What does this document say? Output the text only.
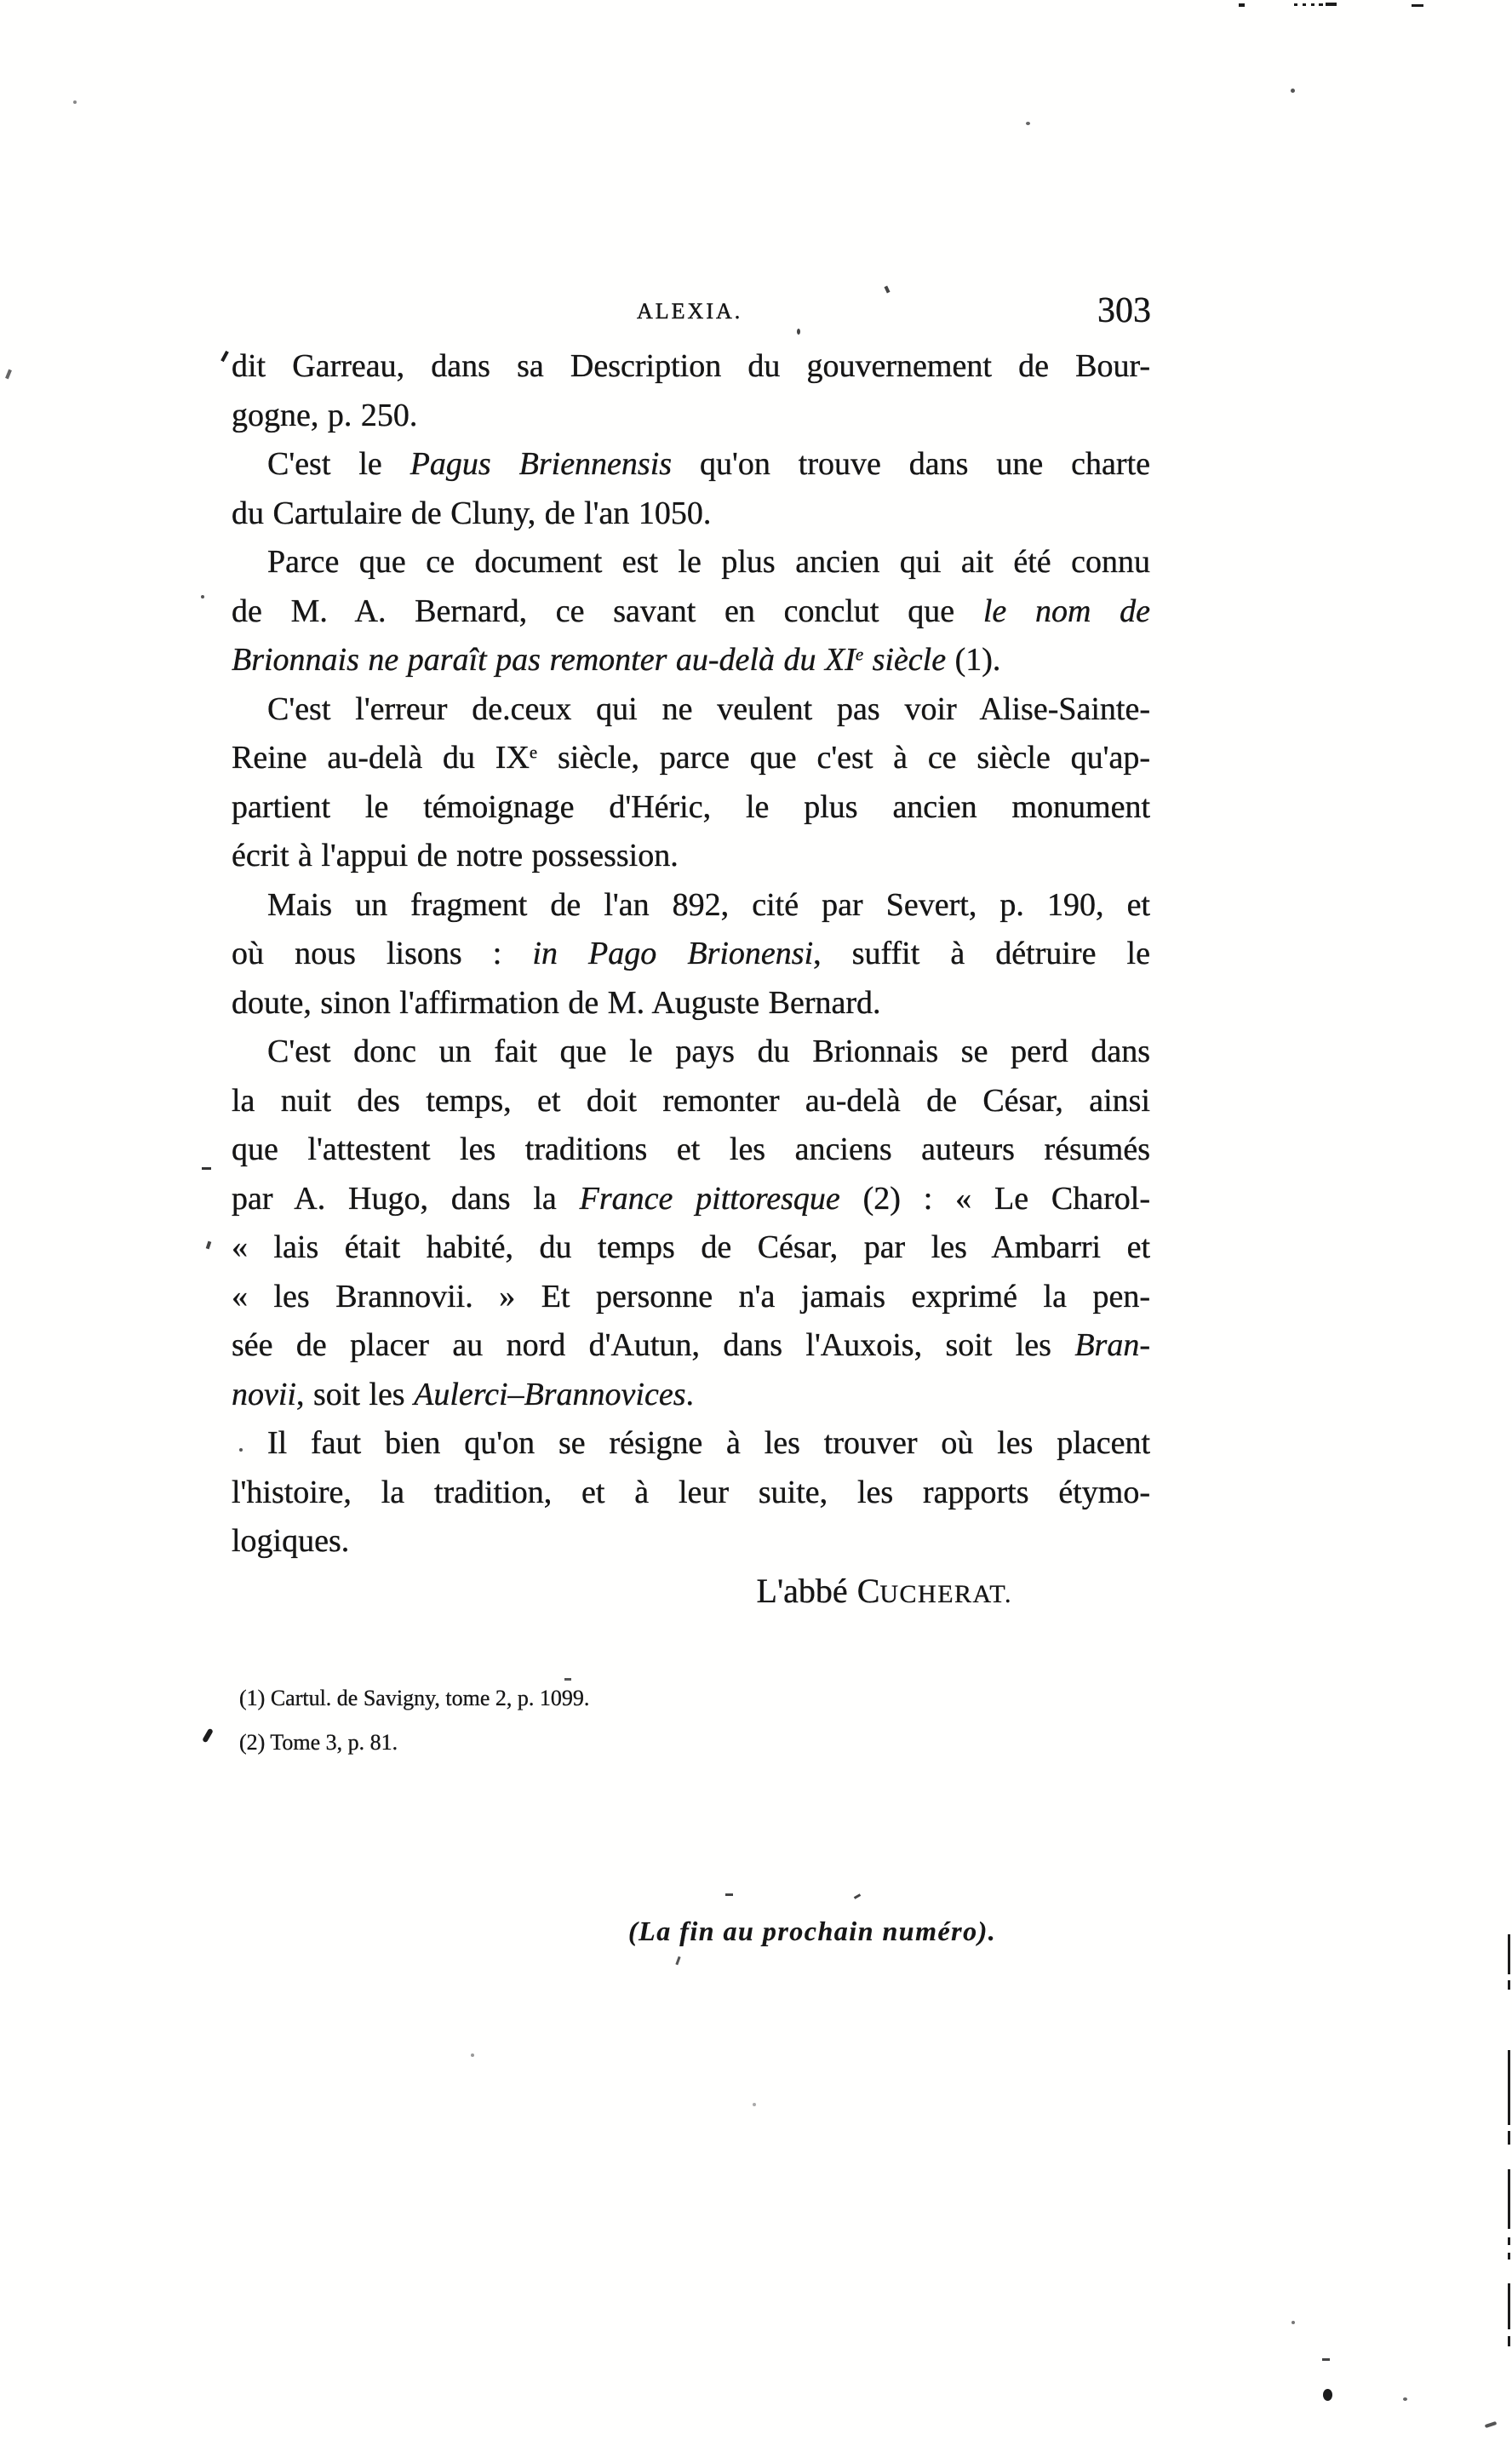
ALEXIA.	303
dit Garreau, dans sa Description du gouvernement de Bour-
gogne, p. 250.
C'est le Pagus Briennensis qu'on trouve dans une charte
du Cartulaire de Cluny, de l'an 1050.
Parce que ce document est le plus ancien qui ait été connu
de M. A. Bernard, ce savant en conclut que le nom de
Brionnais ne paraît pas remonter au-delà du XIe siècle (1).
C'est l'erreur de.ceux qui ne veulent pas voir Alise-Sainte-
Reine au-delà du IXe siècle, parce que c'est à ce siècle qu'ap-
partient le témoignage d'Héric, le plus ancien monument
écrit à l'appui de notre possession.
Mais un fragment de l'an 892, cité par Severt, p. 190, et
où nous lisons : in Pago Brionensi, suffit à détruire le
doute, sinon l'affirmation de M. Auguste Bernard.
C'est donc un fait que le pays du Brionnais se perd dans
la nuit des temps, et doit remonter au-delà de César, ainsi
que l'attestent les traditions et les anciens auteurs résumés
par A. Hugo, dans la France pittoresque (2) : « Le Charol-
« lais était habité, du temps de César, par les Ambarri et
« les Brannovii. » Et personne n'a jamais exprimé la pen-
sée de placer au nord d'Autun, dans l'Auxois, soit les Bran-
novii, soit les Aulerci–Brannovices.
Il faut bien qu'on se résigne à les trouver où les placent
l'histoire, la tradition, et à leur suite, les rapports étymo-
logiques.
L'abbé CUCHERAT.
(1) Cartul. de Savigny, tome 2, p. 1099.
(2) Tome 3, p. 81.
(La fin au prochain numéro).
